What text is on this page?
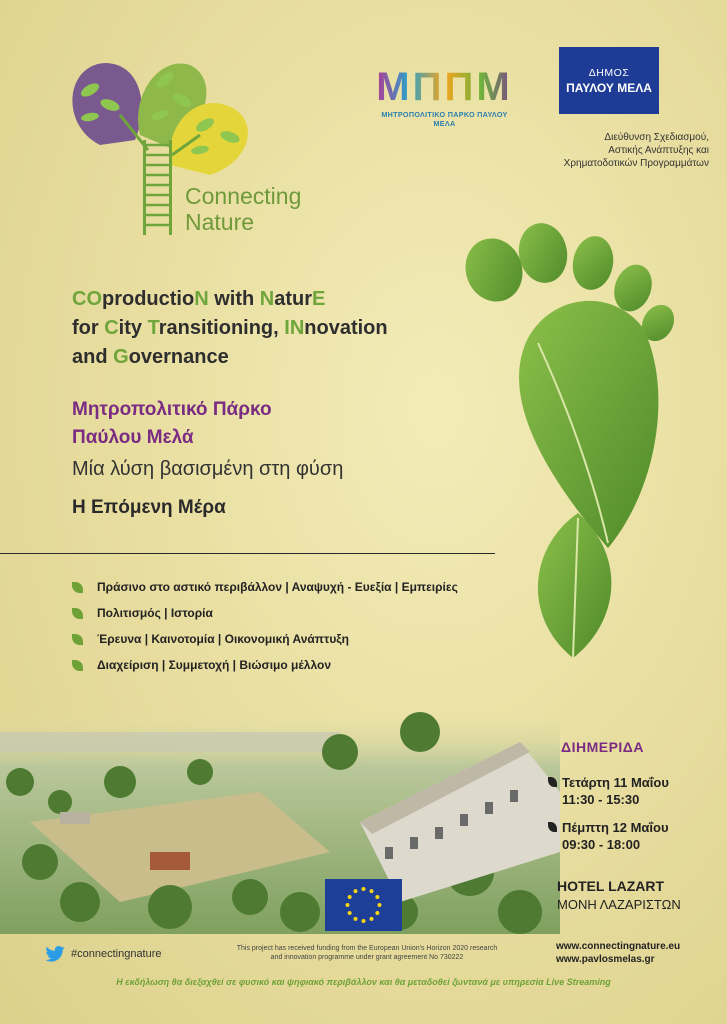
Connecting
Nature
ΜΠΠΜ
ΜΗΤΡΟΠΟΛΙΤΙΚΟ ΠΑΡΚΟ ΠΑΥΛΟΥ ΜΕΛΑ
ΔΗΜΟΣ
ΠΑΥΛΟΥ ΜΕΛΑ
Διεύθυνση Σχεδιασμού,
Αστικής Ανάπτυξης και
Χρηματοδοτικών Προγραμμάτων
COproductioN with NaturE
for City Transitioning, INnovation
and Governance
Μητροπολιτικό Πάρκο
Παύλου Μελά
Μία λύση βασισμένη στη φύση
Η Επόμενη Μέρα
Πράσινο στο αστικό περιβάλλον | Αναψυχή - Ευεξία | Εμπειρίες
Πολιτισμός | Ιστορία
Έρευνα | Καινοτομία | Οικονομική Ανάπτυξη
Διαχείριση | Συμμετοχή | Βιώσιμο μέλλον
ΔΙΗΜΕΡΙΔΑ
Τετάρτη 11 Μαΐου
11:30 - 15:30
Πέμπτη 12 Μαΐου
09:30 - 18:00
HOTEL LAZART
ΜΟΝΗ ΛΑΖΑΡΙΣΤΩΝ
#connectingnature	This project has received funding from the European Union's Horizon 2020 research
and innovation programme under grant agreement No 730222
www.connectingnature.eu
www.pavlosmelas.gr
Η εκδήλωση θα διεξαχθεί σε φυσικό και ψηφιακό περιβάλλον και θα μεταδοθεί ζωντανά με υπηρεσία Live Streaming
